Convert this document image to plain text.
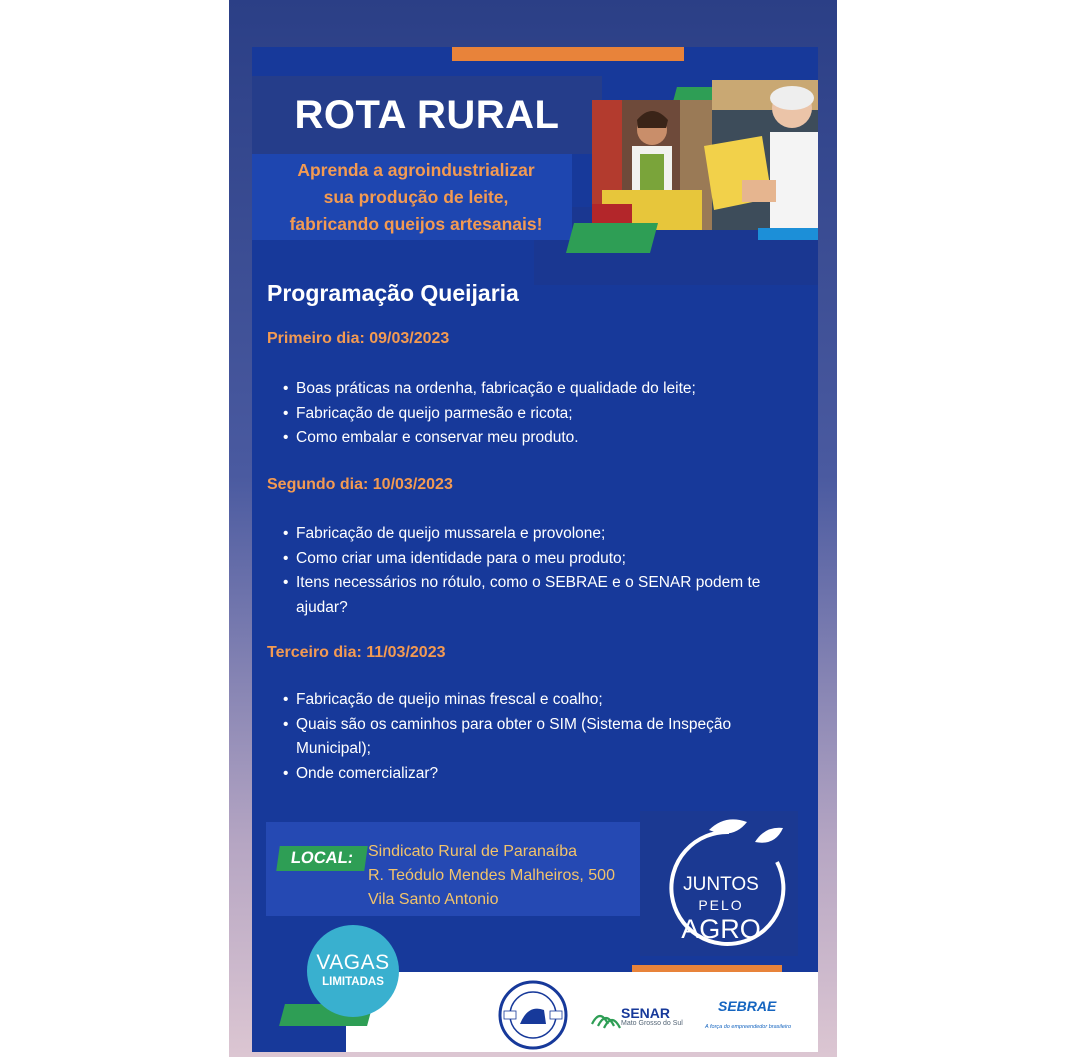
ROTA RURAL
Aprenda a agroindustrializar
sua produção de leite,
fabricando queijos artesanais!
Programação Queijaria
Primeiro dia: 09/03/2023
• Boas práticas na ordenha, fabricação e qualidade do leite;
• Fabricação de queijo parmesão e ricota;
• Como embalar e conservar meu produto.
Segundo dia: 10/03/2023
• Fabricação de queijo mussarela e provolone;
• Como criar uma identidade para o meu produto;
• Itens necessários no rótulo, como o SEBRAE e o SENAR podem te ajudar?
Terceiro dia: 11/03/2023
• Fabricação de queijo minas frescal e coalho;
• Quais são os caminhos para obter o SIM (Sistema de Inspeção Municipal);
• Onde comercializar?
LOCAL: Sindicato Rural de Paranaíba
R. Teódulo Mendes Malheiros, 500
Vila Santo Antonio
JUNTOS
PELO
AGRO
VAGAS
LIMITADAS
SENAR
Mato Grosso do Sul
SEBRAE
A força do empreendedor brasileiro
